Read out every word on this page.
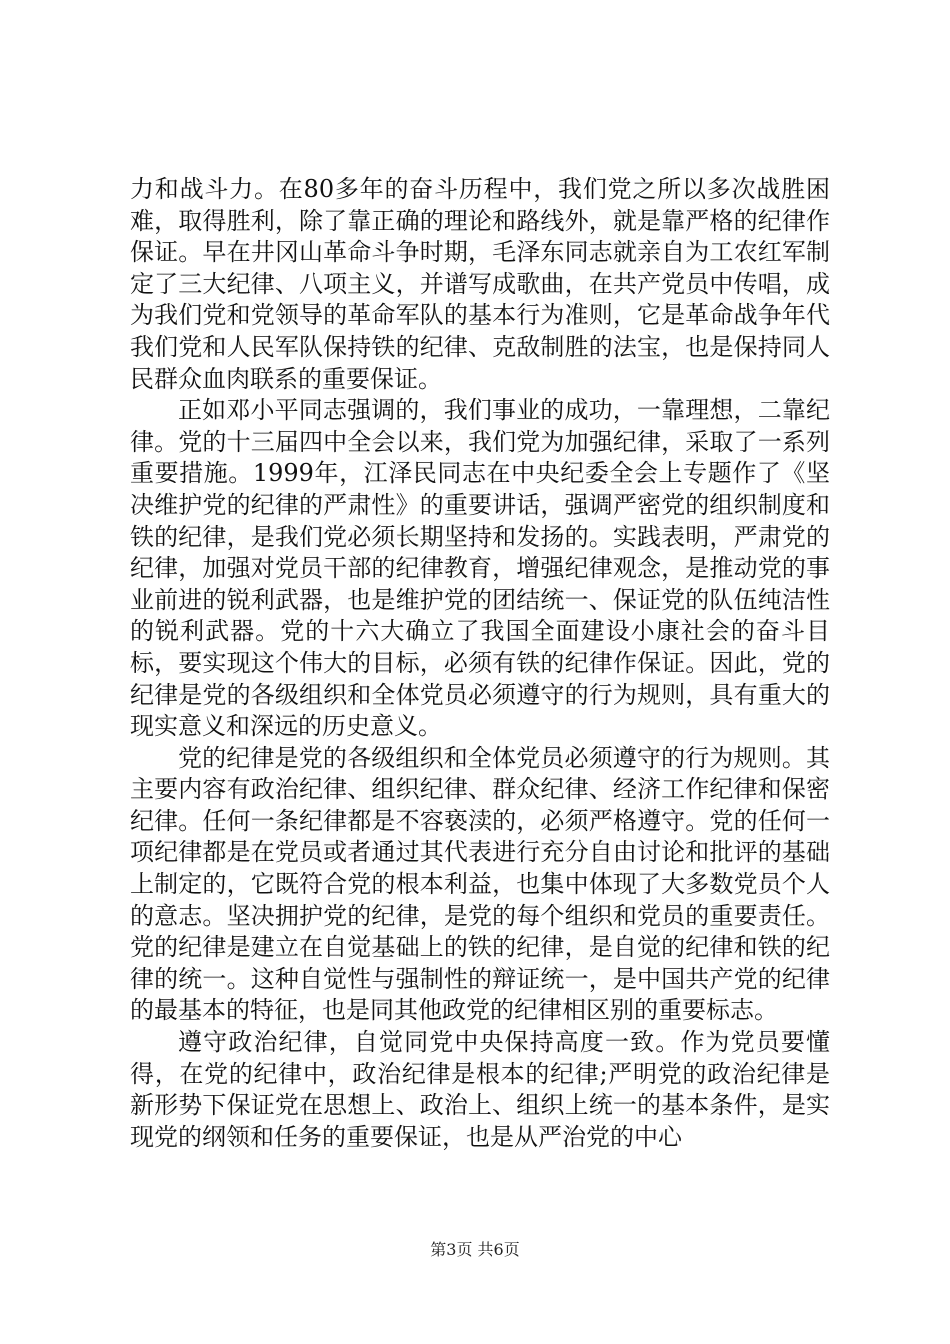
力和战斗力。在80多年的奋斗历程中，我们党之所以多次战胜困难，取得胜利，除了靠正确的理论和路线外，就是靠严格的纪律作保证。早在井冈山革命斗争时期，毛泽东同志就亲自为工农红军制定了三大纪律、八项主义，并谱写成歌曲，在共产党员中传唱，成为我们党和党领导的革命军队的基本行为准则，它是革命战争年代我们党和人民军队保持铁的纪律、克敌制胜的法宝，也是保持同人民群众血肉联系的重要保证。

正如邓小平同志强调的，我们事业的成功，一靠理想，二靠纪律。党的十三届四中全会以来，我们党为加强纪律，采取了一系列重要措施。1999年，江泽民同志在中央纪委全会上专题作了《坚决维护党的纪律的严肃性》的重要讲话，强调严密党的组织制度和铁的纪律，是我们党必须长期坚持和发扬的。实践表明，严肃党的纪律，加强对党员干部的纪律教育，增强纪律观念，是推动党的事业前进的锐利武器，也是维护党的团结统一、保证党的队伍纯洁性的锐利武器。党的十六大确立了我国全面建设小康社会的奋斗目标，要实现这个伟大的目标，必须有铁的纪律作保证。因此，党的纪律是党的各级组织和全体党员必须遵守的行为规则，具有重大的现实意义和深远的历史意义。

党的纪律是党的各级组织和全体党员必须遵守的行为规则。其主要内容有政治纪律、组织纪律、群众纪律、经济工作纪律和保密纪律。任何一条纪律都是不容亵渎的，必须严格遵守。党的任何一项纪律都是在党员或者通过其代表进行充分自由讨论和批评的基础上制定的，它既符合党的根本利益，也集中体现了大多数党员个人的意志。坚决拥护党的纪律，是党的每个组织和党员的重要责任。党的纪律是建立在自觉基础上的铁的纪律，是自觉的纪律和铁的纪律的统一。这种自觉性与强制性的辩证统一，是中国共产党的纪律的最基本的特征，也是同其他政党的纪律相区别的重要标志。

遵守政治纪律，自觉同党中央保持高度一致。作为党员要懂得，在党的纪律中，政治纪律是根本的纪律;严明党的政治纪律是新形势下保证党在思想上、政治上、组织上统一的基本条件，是实现党的纲领和任务的重要保证，也是从严治党的中心

第3页 共6页
